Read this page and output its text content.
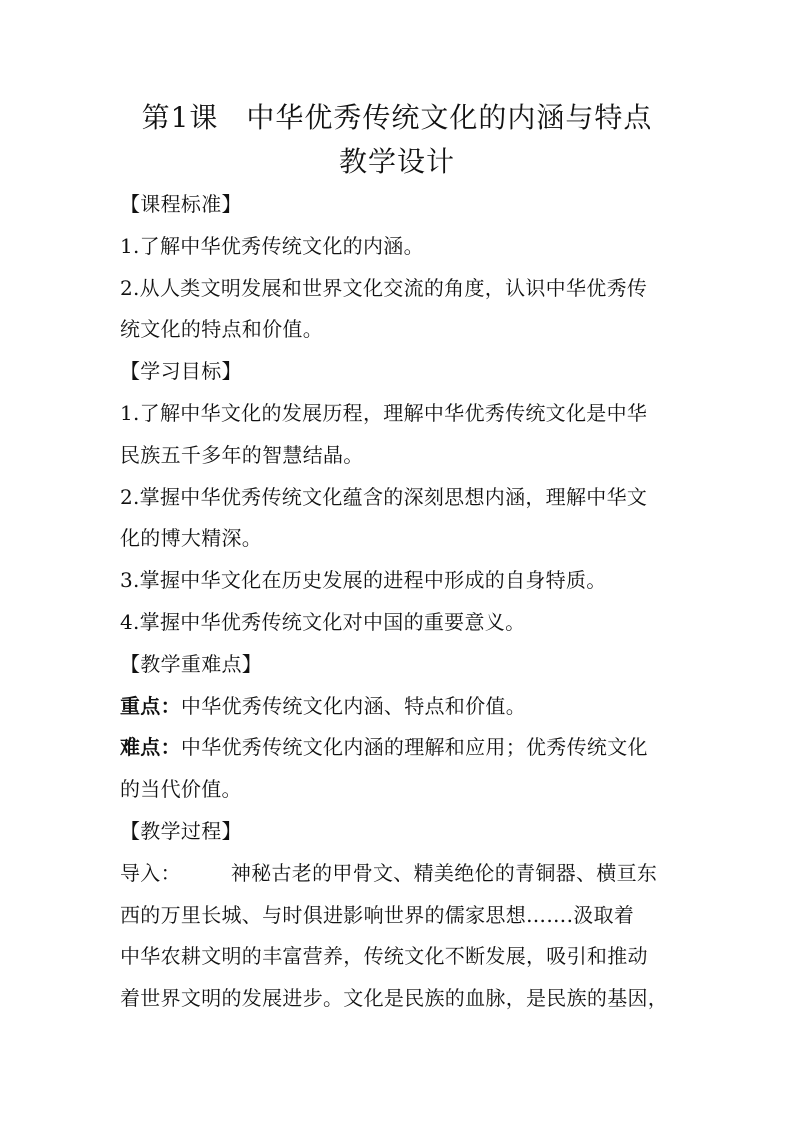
第1课 中华优秀传统文化的内涵与特点
教学设计
【课程标准】
1.了解中华优秀传统文化的内涵。
2.从人类文明发展和世界文化交流的角度，认识中华优秀传
统文化的特点和价值。
【学习目标】
1.了解中华文化的发展历程，理解中华优秀传统文化是中华
民族五千多年的智慧结晶。
2.掌握中华优秀传统文化蕴含的深刻思想内涵，理解中华文
化的博大精深。
3.掌握中华文化在历史发展的进程中形成的自身特质。
4.掌握中华优秀传统文化对中国的重要意义。
【教学重难点】
重点：中华优秀传统文化内涵、特点和价值。
难点：中华优秀传统文化内涵的理解和应用；优秀传统文化
的当代价值。
【教学过程】
导入：	神秘古老的甲骨文、精美绝伦的青铜器、横亘东
西的万里长城、与时俱进影响世界的儒家思想…….汲取着
中华农耕文明的丰富营养，传统文化不断发展，吸引和推动
着世界文明的发展进步。文化是民族的血脉，是民族的基因，
